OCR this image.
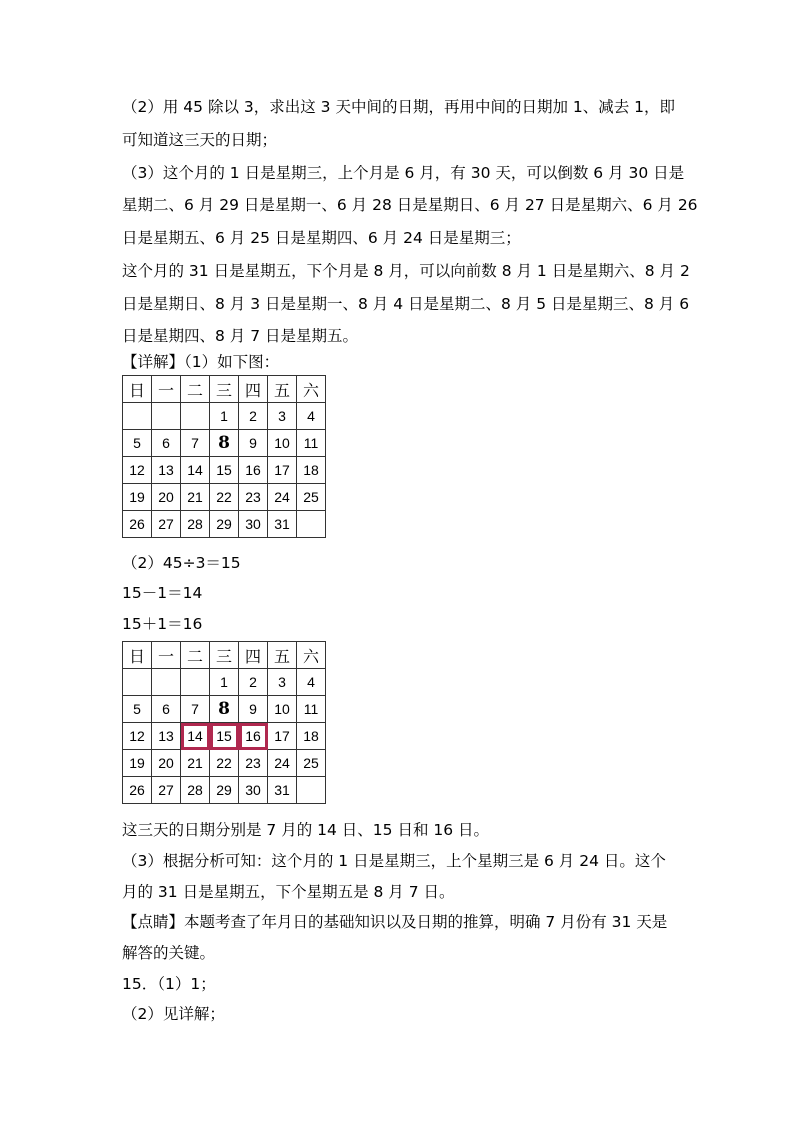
（2）用 45 除以 3，求出这 3 天中间的日期，再用中间的日期加 1、减去 1，即
可知道这三天的日期；
（3）这个月的 1 日是星期三，上个月是 6 月，有 30 天，可以倒数 6 月 30 日是
星期二、6 月 29 日是星期一、6 月 28 日是星期日、6 月 27 日是星期六、6 月 26
日是星期五、6 月 25 日是星期四、6 月 24 日是星期三；
这个月的 31 日是星期五，下个月是 8 月，可以向前数 8 月 1 日是星期六、8 月 2
日是星期日、8 月 3 日是星期一、8 月 4 日是星期二、8 月 5 日是星期三、8 月 6
日是星期四、8 月 7 日是星期五。
【详解】（1）如下图：
日	一	二	三	四	五	六
			1	2	3	4
5	6	7	8	9	10	11
12	13	14	15	16	17	18
19	20	21	22	23	24	25
26	27	28	29	30	31	
（2）45÷3＝15
15－1＝14
15＋1＝16
日	一	二	三	四	五	六
			1	2	3	4
5	6	7	8	9	10	11
12	13	14	15	16	17	18
19	20	21	22	23	24	25
26	27	28	29	30	31	
这三天的日期分别是 7 月的 14 日、15 日和 16 日。
（3）根据分析可知：这个月的 1 日是星期三，上个星期三是 6 月 24 日。这个
月的 31 日是星期五，下个星期五是 8 月 7 日。
【点睛】本题考查了年月日的基础知识以及日期的推算，明确 7 月份有 31 天是
解答的关键。
15．（1）1；
（2）见详解；
